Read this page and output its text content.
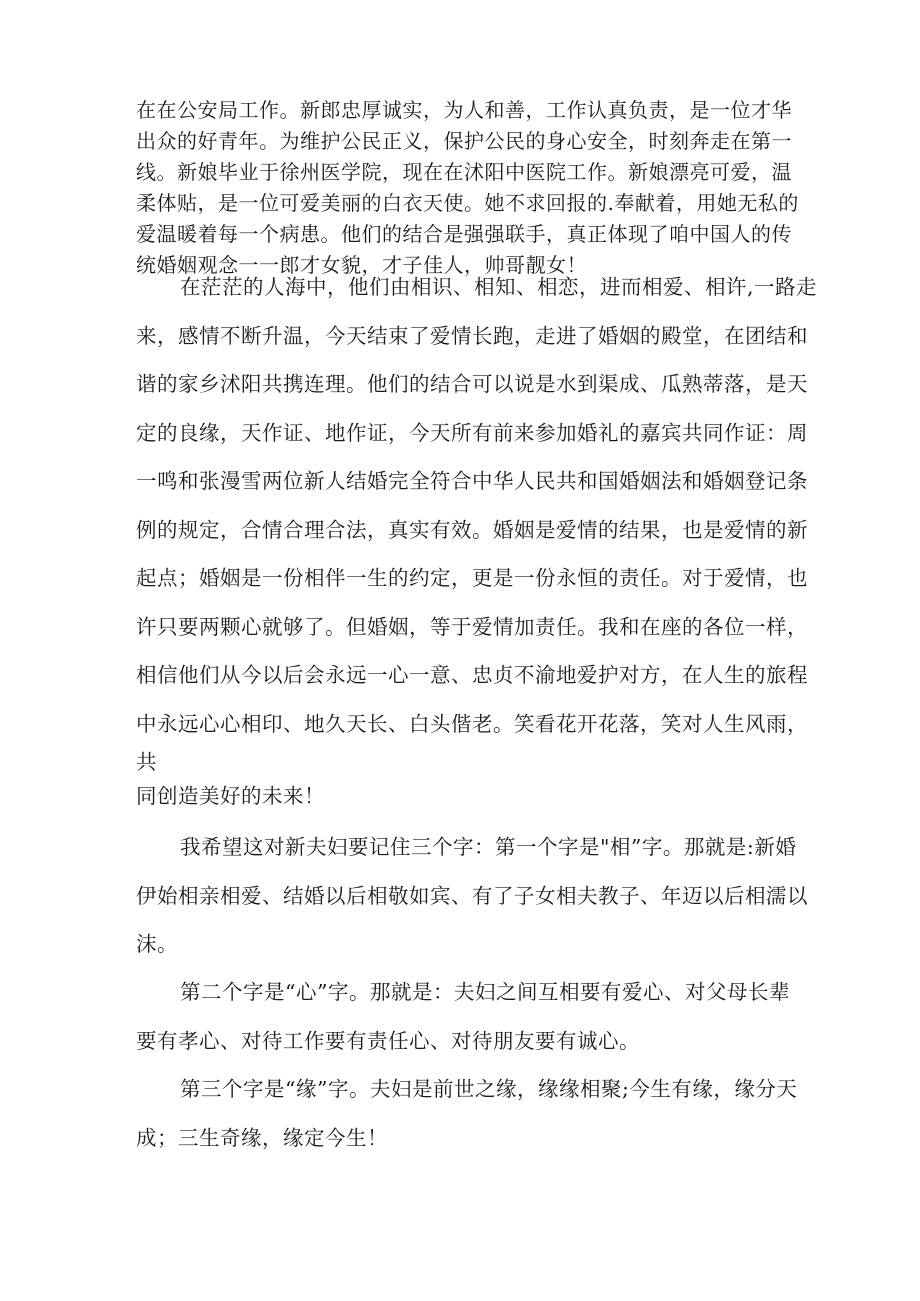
在在公安局工作。新郎忠厚诚实，为人和善，工作认真负责，是一位才华
出众的好青年。为维护公民正义，保护公民的身心安全，时刻奔走在第一
线。新娘毕业于徐州医学院，现在在沭阳中医院工作。新娘漂亮可爱，温
柔体贴，是一位可爱美丽的白衣天使。她不求回报的.奉献着，用她无私的
爱温暖着每一个病患。他们的结合是强强联手，真正体现了咱中国人的传
统婚姻观念一一郎才女貌，才子佳人，帅哥靓女！
在茫茫的人海中，他们由相识、相知、相恋，进而相爱、相许,一路走
来，感情不断升温，今天结束了爱情长跑，走进了婚姻的殿堂，在团结和
谐的家乡沭阳共携连理。他们的结合可以说是水到渠成、瓜熟蒂落，是天
定的良缘，天作证、地作证，今天所有前来参加婚礼的嘉宾共同作证：周
一鸣和张漫雪两位新人结婚完全符合中华人民共和国婚姻法和婚姻登记条
例的规定，合情合理合法，真实有效。婚姻是爱情的结果，也是爱情的新
起点；婚姻是一份相伴一生的约定，更是一份永恒的责任。对于爱情，也
许只要两颗心就够了。但婚姻，等于爱情加责任。我和在座的各位一样，
相信他们从今以后会永远一心一意、忠贞不渝地爱护对方，在人生的旅程
中永远心心相印、地久天长、白头偕老。笑看花开花落，笑对人生风雨，
共
同创造美好的未来！
我希望这对新夫妇要记住三个字：第一个字是"相”字。那就是:新婚
伊始相亲相爱、结婚以后相敬如宾、有了子女相夫教子、年迈以后相濡以
沫。
第二个字是“心”字。那就是：夫妇之间互相要有爱心、对父母长辈
要有孝心、对待工作要有责任心、对待朋友要有诚心。
第三个字是“缘”字。夫妇是前世之缘，缘缘相聚;今生有缘，缘分天
成；三生奇缘，缘定今生！
